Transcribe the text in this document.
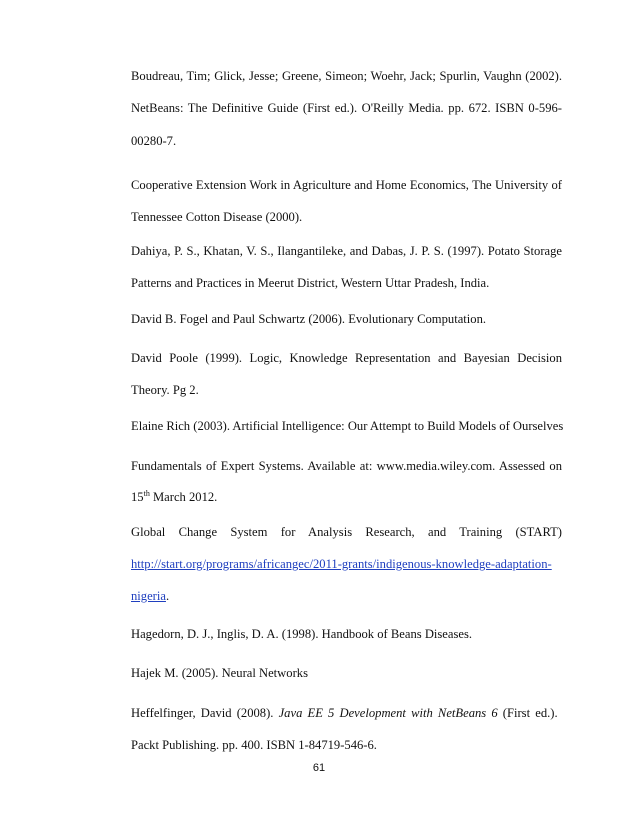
Boudreau, Tim; Glick, Jesse; Greene, Simeon; Woehr, Jack; Spurlin, Vaughn (2002).
NetBeans: The Definitive Guide (First ed.). O'Reilly Media. pp. 672. ISBN 0-596-
00280-7.
Cooperative Extension Work in Agriculture and Home Economics, The University of
Tennessee Cotton Disease (2000).
Dahiya, P. S., Khatan, V. S., Ilangantileke, and Dabas, J. P. S. (1997). Potato Storage
Patterns and Practices in Meerut District, Western Uttar Pradesh, India.
David B. Fogel and Paul Schwartz (2006). Evolutionary Computation.
David Poole (1999). Logic, Knowledge Representation and Bayesian Decision
Theory. Pg 2.
Elaine Rich (2003). Artificial Intelligence: Our Attempt to Build Models of Ourselves
Fundamentals of Expert Systems. Available at: www.media.wiley.com. Assessed on
15th March 2012.
Global Change System for Analysis Research, and Training (START)
http://start.org/programs/africangec/2011-grants/indigenous-knowledge-adaptation-
nigeria.
Hagedorn, D. J., Inglis, D. A. (1998). Handbook of Beans Diseases.
Hajek M. (2005). Neural Networks
Heffelfinger, David (2008). Java EE 5 Development with NetBeans 6 (First ed.).
Packt Publishing. pp. 400. ISBN 1-84719-546-6.
61
